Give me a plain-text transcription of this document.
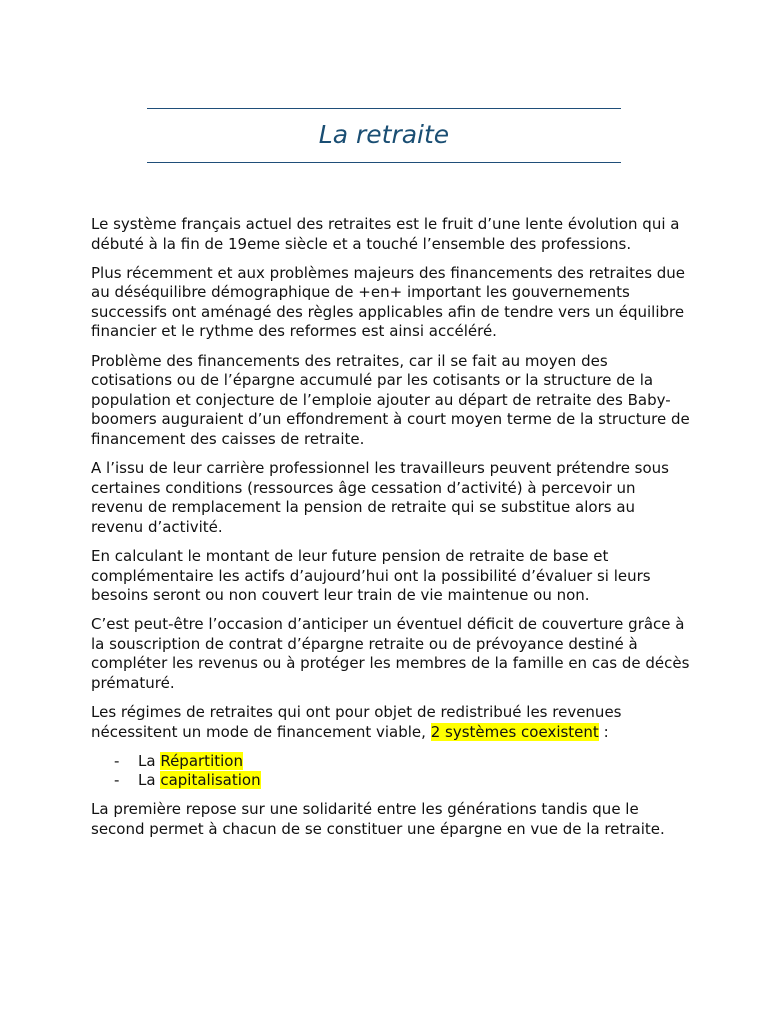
La retraite

Le système français actuel des retraites est le fruit d’une lente évolution qui a débuté à la fin de 19eme siècle et a touché l’ensemble des professions.

Plus récemment et aux problèmes majeurs des financements des retraites due au déséquilibre démographique de +en+ important les gouvernements successifs ont aménagé des règles applicables afin de tendre vers un équilibre financier et le rythme des reformes est ainsi accéléré.

Problème des financements des retraites, car il se fait au moyen des cotisations ou de l’épargne accumulé par les cotisants or la structure de la population et conjecture de l’emploie ajouter au départ de retraite des Baby-boomers auguraient d’un effondrement à court moyen terme de la structure de financement des caisses de retraite.

A l’issu de leur carrière professionnel les travailleurs peuvent prétendre sous certaines conditions (ressources âge cessation d’activité) à percevoir un revenu de remplacement la pension de retraite qui se substitue alors au revenu d’activité.

En calculant le montant de leur future pension de retraite de base et complémentaire les actifs d’aujourd’hui ont la possibilité d’évaluer si leurs besoins seront ou non couvert leur train de vie maintenue ou non.

C’est peut-être l’occasion d’anticiper un éventuel déficit de couverture grâce à la souscription de contrat d’épargne retraite ou de prévoyance destiné à compléter les revenus ou à protéger les membres de la famille en cas de décès prématuré.

Les régimes de retraites qui ont pour objet de redistribué les revenues nécessitent un mode de financement viable, 2 systèmes coexistent :

- La Répartition
- La capitalisation

La première repose sur une solidarité entre les générations tandis que le second permet à chacun de se constituer une épargne en vue de la retraite.
